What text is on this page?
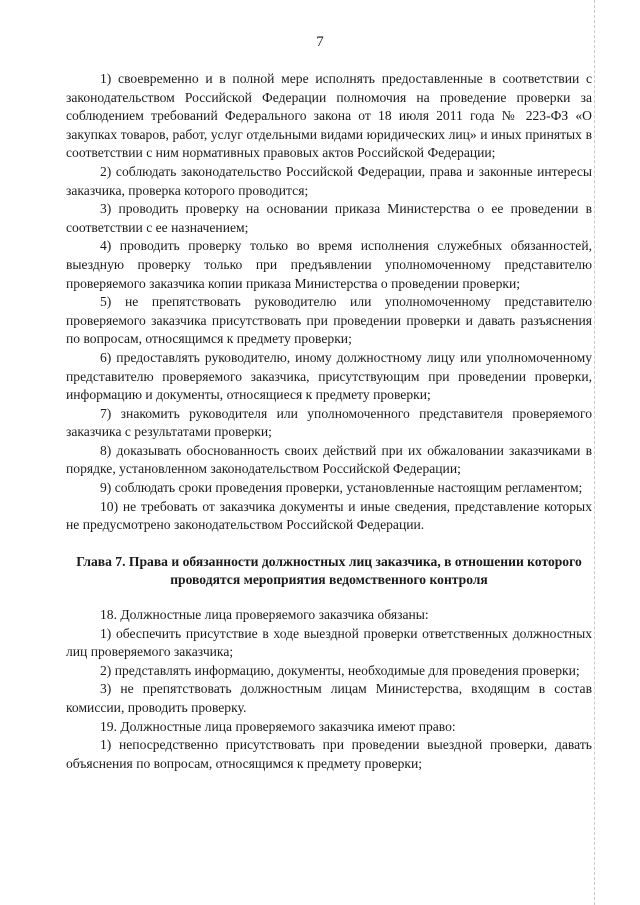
7

1) своевременно и в полной мере исполнять предоставленные в соответствии с законодательством Российской Федерации полномочия на проведение проверки за соблюдением требований Федерального закона от 18 июля 2011 года № 223-ФЗ «О закупках товаров, работ, услуг отдельными видами юридических лиц» и иных принятых в соответствии с ним нормативных правовых актов Российской Федерации;

2) соблюдать законодательство Российской Федерации, права и законные интересы заказчика, проверка которого проводится;

3) проводить проверку на основании приказа Министерства о ее проведении в соответствии с ее назначением;

4) проводить проверку только во время исполнения служебных обязанностей, выездную проверку только при предъявлении уполномоченному представителю проверяемого заказчика копии приказа Министерства о проведении проверки;

5) не препятствовать руководителю или уполномоченному представителю проверяемого заказчика присутствовать при проведении проверки и давать разъяснения по вопросам, относящимся к предмету проверки;

6) предоставлять руководителю, иному должностному лицу или уполномоченному представителю проверяемого заказчика, присутствующим при проведении проверки, информацию и документы, относящиеся к предмету проверки;

7) знакомить руководителя или уполномоченного представителя проверяемого заказчика с результатами проверки;

8) доказывать обоснованность своих действий при их обжаловании заказчиками в порядке, установленном законодательством Российской Федерации;

9) соблюдать сроки проведения проверки, установленные настоящим регламентом;

10) не требовать от заказчика документы и иные сведения, представление которых не предусмотрено законодательством Российской Федерации.

Глава 7. Права и обязанности должностных лиц заказчика, в отношении которого проводятся мероприятия ведомственного контроля

18. Должностные лица проверяемого заказчика обязаны:

1) обеспечить присутствие в ходе выездной проверки ответственных должностных лиц проверяемого заказчика;

2) представлять информацию, документы, необходимые для проведения проверки;

3) не препятствовать должностным лицам Министерства, входящим в состав комиссии, проводить проверку.

19. Должностные лица проверяемого заказчика имеют право:

1) непосредственно присутствовать при проведении выездной проверки, давать объяснения по вопросам, относящимся к предмету проверки;
